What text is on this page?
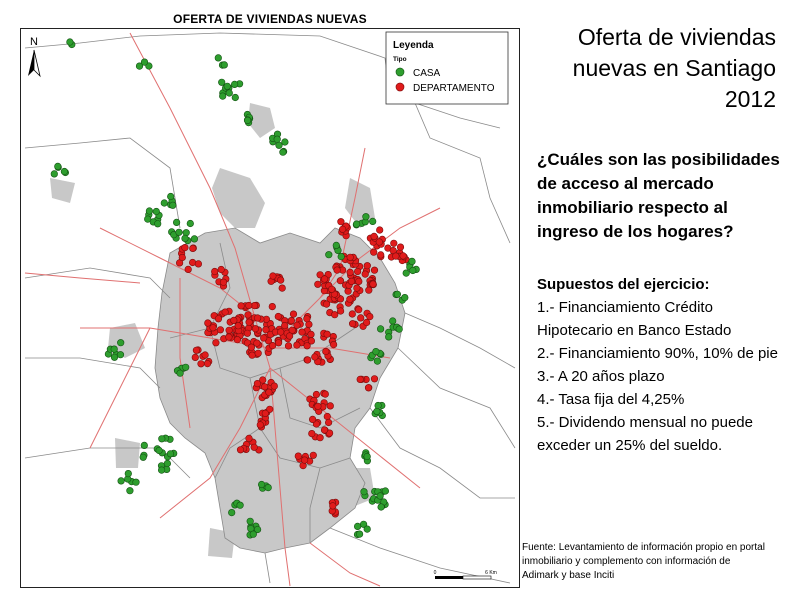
OFERTA DE VIVIENDAS NUEVAS
N	Leyenda
Tipo
CASA
DEPARTAMENTO
0	6 Km
Oferta de viviendas
nuevas en Santiago
2012
¿Cuáles son las posibilidades
de acceso al mercado
inmobiliario respecto al
ingreso de los hogares?
Supuestos del ejercicio:
1.- Financiamiento Crédito
Hipotecario en Banco Estado
2.- Financiamiento 90%, 10% de pie
3.- A 20 años plazo
4.- Tasa fija del 4,25%
5.- Dividendo mensual no puede
exceder un 25% del sueldo.
Fuente: Levantamiento de información propio en portal
inmobiliario y complemento con información de
Adimark y base Inciti
